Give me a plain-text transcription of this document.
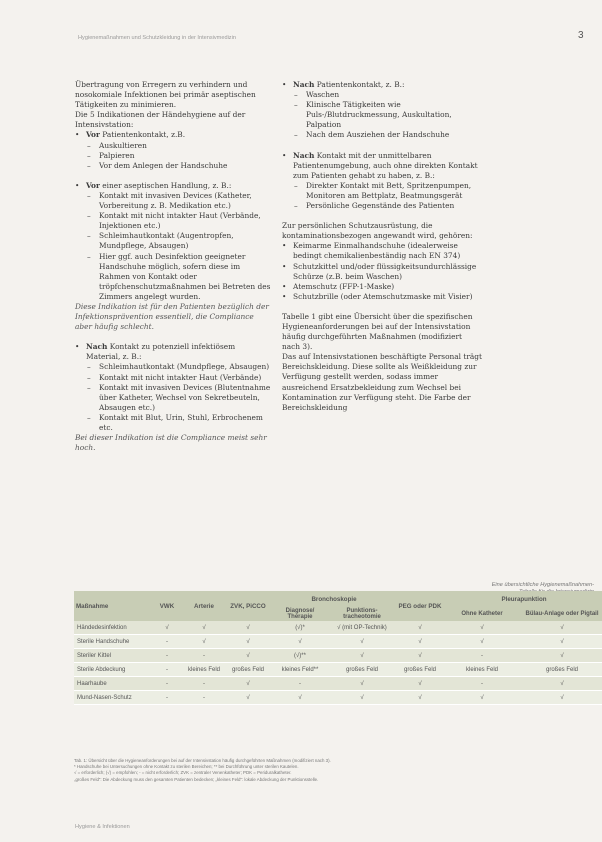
Hygienemaßnahmen und Schutzkleidung in der Intensivmedizin	3

Übertragung von Erregern zu verhindern und nosokomiale Infektionen bei primär aseptischen Tätigkeiten zu minimieren.

Die 5 Indikationen der Händehygiene auf der Intensivstation:

• Vor Patientenkontakt, z.B.
– Auskultieren
– Palpieren
– Vor dem Anlegen der Handschuhe
• Vor einer aseptischen Handlung, z. B.:
– Kontakt mit invasiven Devices (Katheter, Vorbereitung z. B. Medikation etc.)
– Kontakt mit nicht intakter Haut (Verbände, Injektionen etc.)
– Schleimhautkontakt (Augentropfen, Mundpflege, Absaugen)
– Hier ggf. auch Desinfektion geeigneter Handschuhe möglich, sofern diese im Rahmen von Kontakt oder tröpfchenschutzmaßnahmen bei Betreten des Zimmers angelegt wurden.

Diese Indikation ist für den Patienten bezüglich der Infektionsprävention essentiell, die Compliance aber häufig schlecht.

• Nach Kontakt zu potenziell infektiösem Material, z. B.:
– Schleimhautkontakt (Mundpflege, Absaugen)
– Kontakt mit nicht intakter Haut (Verbände)
– Kontakt mit invasiven Devices (Blutentnahme über Katheter, Wechsel von Sekretbeuteln, Absaugen etc.)
– Kontakt mit Blut, Urin, Stuhl, Erbrochenem etc.

Bei dieser Indikation ist die Compliance meist sehr hoch.

• Nach Patientenkontakt, z. B.:
– Waschen
– Klinische Tätigkeiten wie Puls-/Blutdruckmessung, Auskultation, Palpation
– Nach dem Ausziehen der Handschuhe
• Nach Kontakt mit der unmittelbaren Patientenumgebung, auch ohne direkten Kontakt zum Patienten gehabt zu haben, z. B.:
– Direkter Kontakt mit Bett, Spritzenpumpen, Monitoren am Bettplatz, Beatmungsgerät
– Persönliche Gegenstände des Patienten

Zur persönlichen Schutzausrüstung, die kontaminationsbezogen angewandt wird, gehören:

• Keimarme Einmalhandschuhe (idealerweise bedingt chemikalienbeständig nach EN 374)
• Schutzkittel und/oder flüssigkeitsundurchlässige Schürze (z.B. beim Waschen)
• Atemschutz (FFP-1-Maske)
• Schutzbrille (oder Atemschutzmaske mit Visier)

Tabelle 1 gibt eine Übersicht über die spezifischen Hygieneanforderungen bei auf der Intensivstation häufig durchgeführten Maßnahmen (modifiziert nach 3).

Das auf Intensivstationen beschäftigte Personal trägt Bereichskleidung. Diese sollte als Weißkleidung zur Verfügung gestellt werden, sodass immer ausreichend Ersatzbekleidung zum Wechsel bei Kontamination zur Verfügung steht. Die Farbe der Bereichskleidung

Eine übersichtliche Hygienemaßnahmen-
Maßnahme	VWK	Arterie	ZVK, PiCCO	Bronchoskopie		PEG oder PDK	Pleurapunktion	
				Diagnose/ Therapie	Punktions-tracheotomie		Ohne Katheter	Bülau-Anlage oder Pigtail
Händedesinfektion	√	√	√	(√)*	√ (mit OP-Technik)	√	√	√
Sterile Handschuhe	-	√	√	√	√	√	√	√
Steriler Kittel	-	-	√	(√)**	√	√	-	√
Sterile Abdeckung	-	kleines Feld	großes Feld	kleines Feld**	großes Feld	großes Feld	kleines Feld	großes Feld
Haarhaube	-	-	√	-	√	√	-	√
Mund-Nasen-Schutz	-	-	√	√	√	√	√	√

Tab. 1: Übersicht über die Hygieneanforderungen bei auf der Intensivstation häufig durchgeführten Maßnahmen (modifiziert nach 3).

* Handschuhe bei Untersuchungen ohne Kontakt zu sterilen Bereichen; ** bei Durchführung unter sterilen Kautelen.

√ = erforderlich; (√) = empfohlen; - = nicht erforderlich; ZVK = zentraler Venenkatheter; PDK = Periduralkatheter.

„großes Feld“: Die Abdeckung muss den gesamten Patienten bedecken; „kleines Feld“: lokale Abdeckung der Punktionsstelle.

Hygiene & Infektionen
